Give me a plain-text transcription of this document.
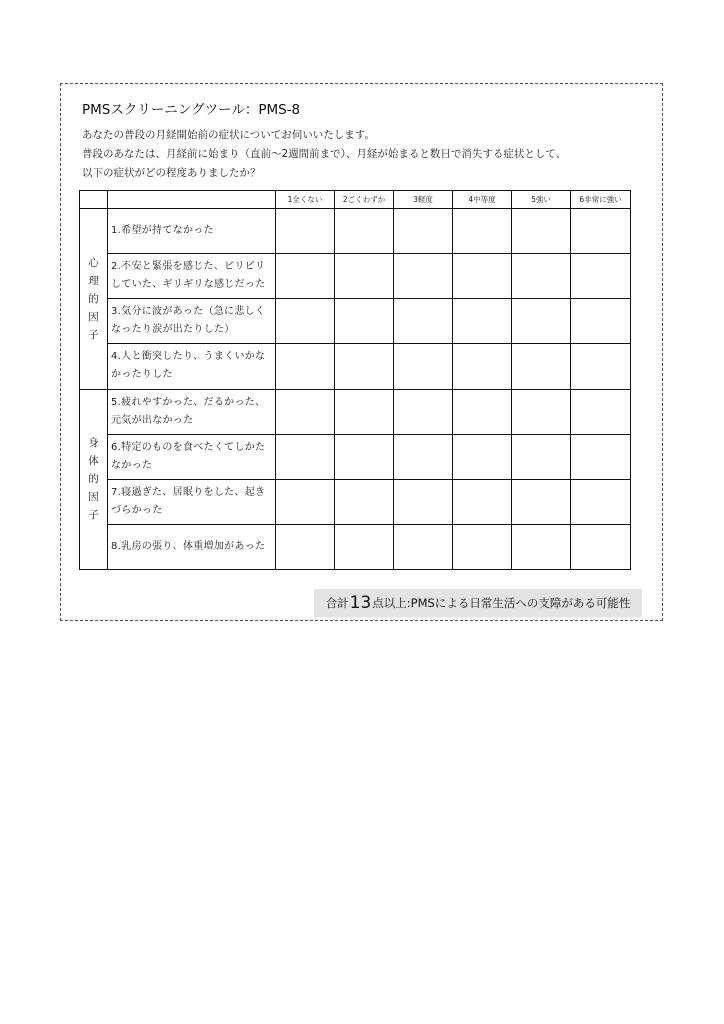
PMSスクリーニングツール：PMS-8
あなたの普段の月経開始前の症状についてお伺いいたします。
普段のあなたは、月経前に始まり（直前〜2週間前まで）、月経が始まると数日で消失する症状として、
以下の症状がどの程度ありましたか？
		1全くない	2ごくわずか	3軽度	4中等度	5強い	6非常に強い

心
理
的
因
子	1.希望が持てなかった						
	2.不安と緊張を感じた、ピリピリしていた、ギリギリな感じだった						
	3.気分に波があった（急に悲しくなったり涙が出たりした）						
	4.人と衝突したり、うまくいかなかったりした						

身
体
的
因
子	5.疲れやすかった、だるかった、元気が出なかった						
	6.特定のものを食べたくてしかたなかった						
	7.寝過ぎた、居眠りをした、起きづらかった						
	8.乳房の張り、体重増加があった						
合計 13 点以上:PMSによる日常生活への支障がある可能性
